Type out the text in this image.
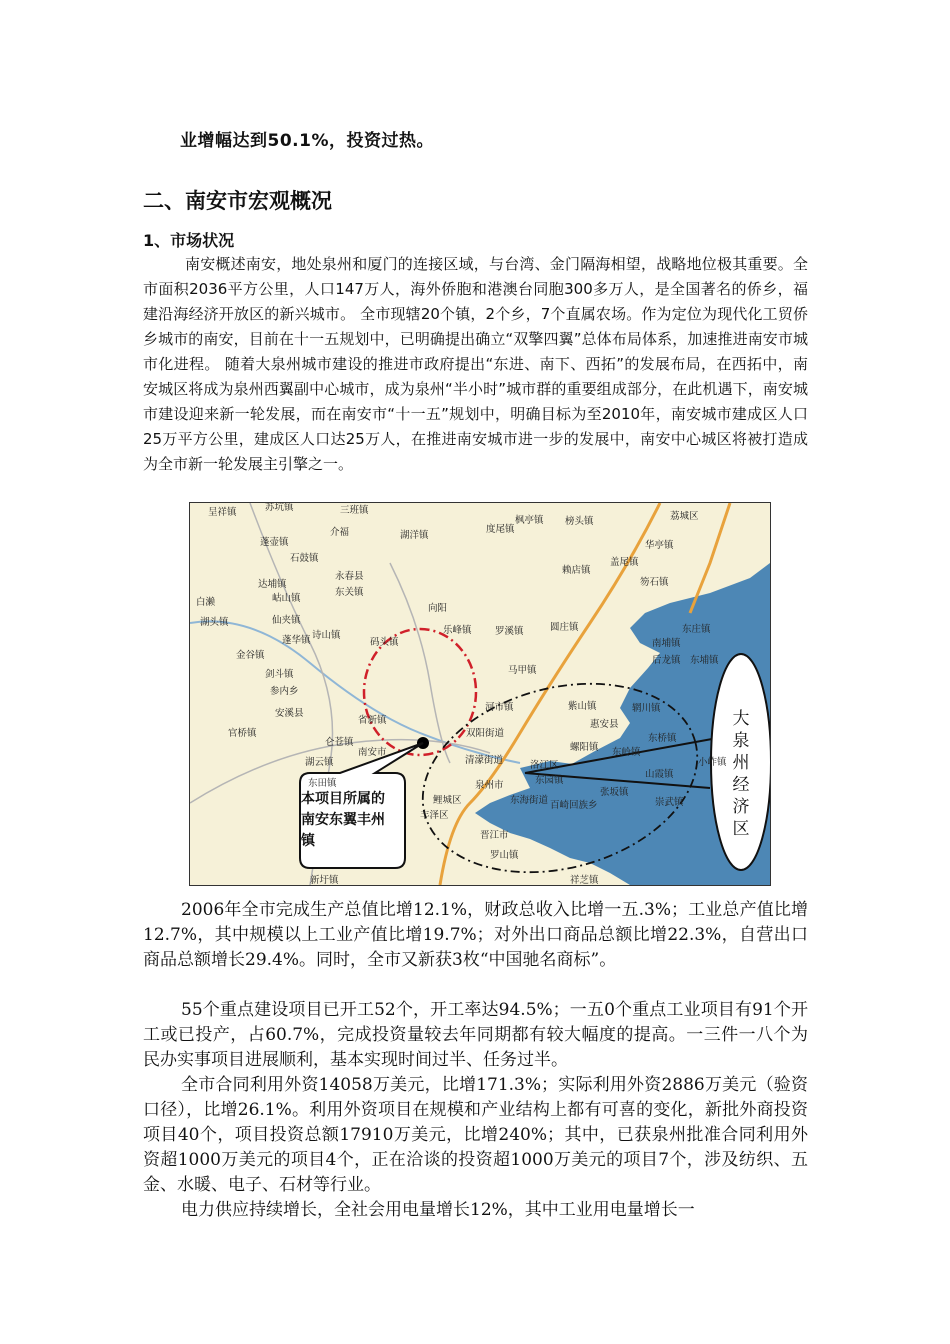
业增幅达到50.1%，投资过热。
二、南安市宏观概况
1、市场状况
南安概述南安，地处泉州和厦门的连接区域，与台湾、金门隔海相望，战略地位极其重要。全市面积2036平方公里，人口147万人，海外侨胞和港澳台同胞300多万人，是全国著名的侨乡，福建沿海经济开放区的新兴城市。 全市现辖20个镇，2个乡，7个直属农场。作为定位为现代化工贸侨乡城市的南安，目前在十一五规划中，已明确提出确立“双擎四翼”总体布局体系，加速推进南安市城市化进程。 随着大泉州城市建设的推进市政府提出“东进、南下、西拓”的发展布局，在西拓中，南安城区将成为泉州西翼副中心城市，成为泉州“半小时”城市群的重要组成部分，在此机遇下，南安城市建设迎来新一轮发展，而在南安市“十一五”规划中，明确目标为至2010年，南安城市建成区人口25万平方公里，建成区人口达25万人，在推进南安城市进一步的发展中，南安中心城区将被打造成为全市新一轮发展主引擎之一。
呈祥镇	苏坑镇	三班镇
介福	湖洋镇
蓬壶镇
石鼓镇
永春县
东关镇
达埔镇
岵山镇
白濑
湖头镇	仙夹镇
蓬华镇 诗山镇
金谷镇
码头镇
剑斗镇
参内乡
安溪县
官桥镇
仑苍镇
省新镇
南安市
湖云镇
东田镇
向阳
乐峰镇 罗溪镇	圆庄镇
马甲镇
河市镇
双阳街道
清濛街道
泉州市
洛江区
东园镇
晋江市
东海街道
鲤城区
丰泽区
张坂镇
惠安县
螺阳镇
紫山镇
东岭镇
辋川镇
后龙镇
南埔镇
东埔镇
东庄镇
东桥镇
山霞镇
小岞镇
崇武镇
百崎回族乡
罗山镇
祥芝镇
新圩镇
度尾镇
枫亭镇 榜头镇
赖店镇
盖尾镇
荔城区
华亭镇
笏石镇
本项目所属的南安东翼丰州镇
大泉州经济区
2006年全市完成生产总值比增12.1%，财政总收入比增一五.3%；工业总产值比增12.7%，其中规模以上工业产值比增19.7%；对外出口商品总额比增22.3%，自营出口商品总额增长29.4%。同时，全市又新获3枚“中国驰名商标”。
55个重点建设项目已开工52个，开工率达94.5%；一五0个重点工业项目有91个开工或已投产，占60.7%，完成投资量较去年同期都有较大幅度的提高。一三件一八个为民办实事项目进展顺利，基本实现时间过半、任务过半。
全市合同利用外资14058万美元，比增171.3%；实际利用外资2886万美元（验资口径），比增26.1%。利用外资项目在规模和产业结构上都有可喜的变化，新批外商投资项目40个，项目投资总额17910万美元，比增240%；其中，已获泉州批准合同利用外资超1000万美元的项目4个，正在洽谈的投资超1000万美元的项目7个，涉及纺织、五金、水暖、电子、石材等行业。
电力供应持续增长，全社会用电量增长12%，其中工业用电量增长一
